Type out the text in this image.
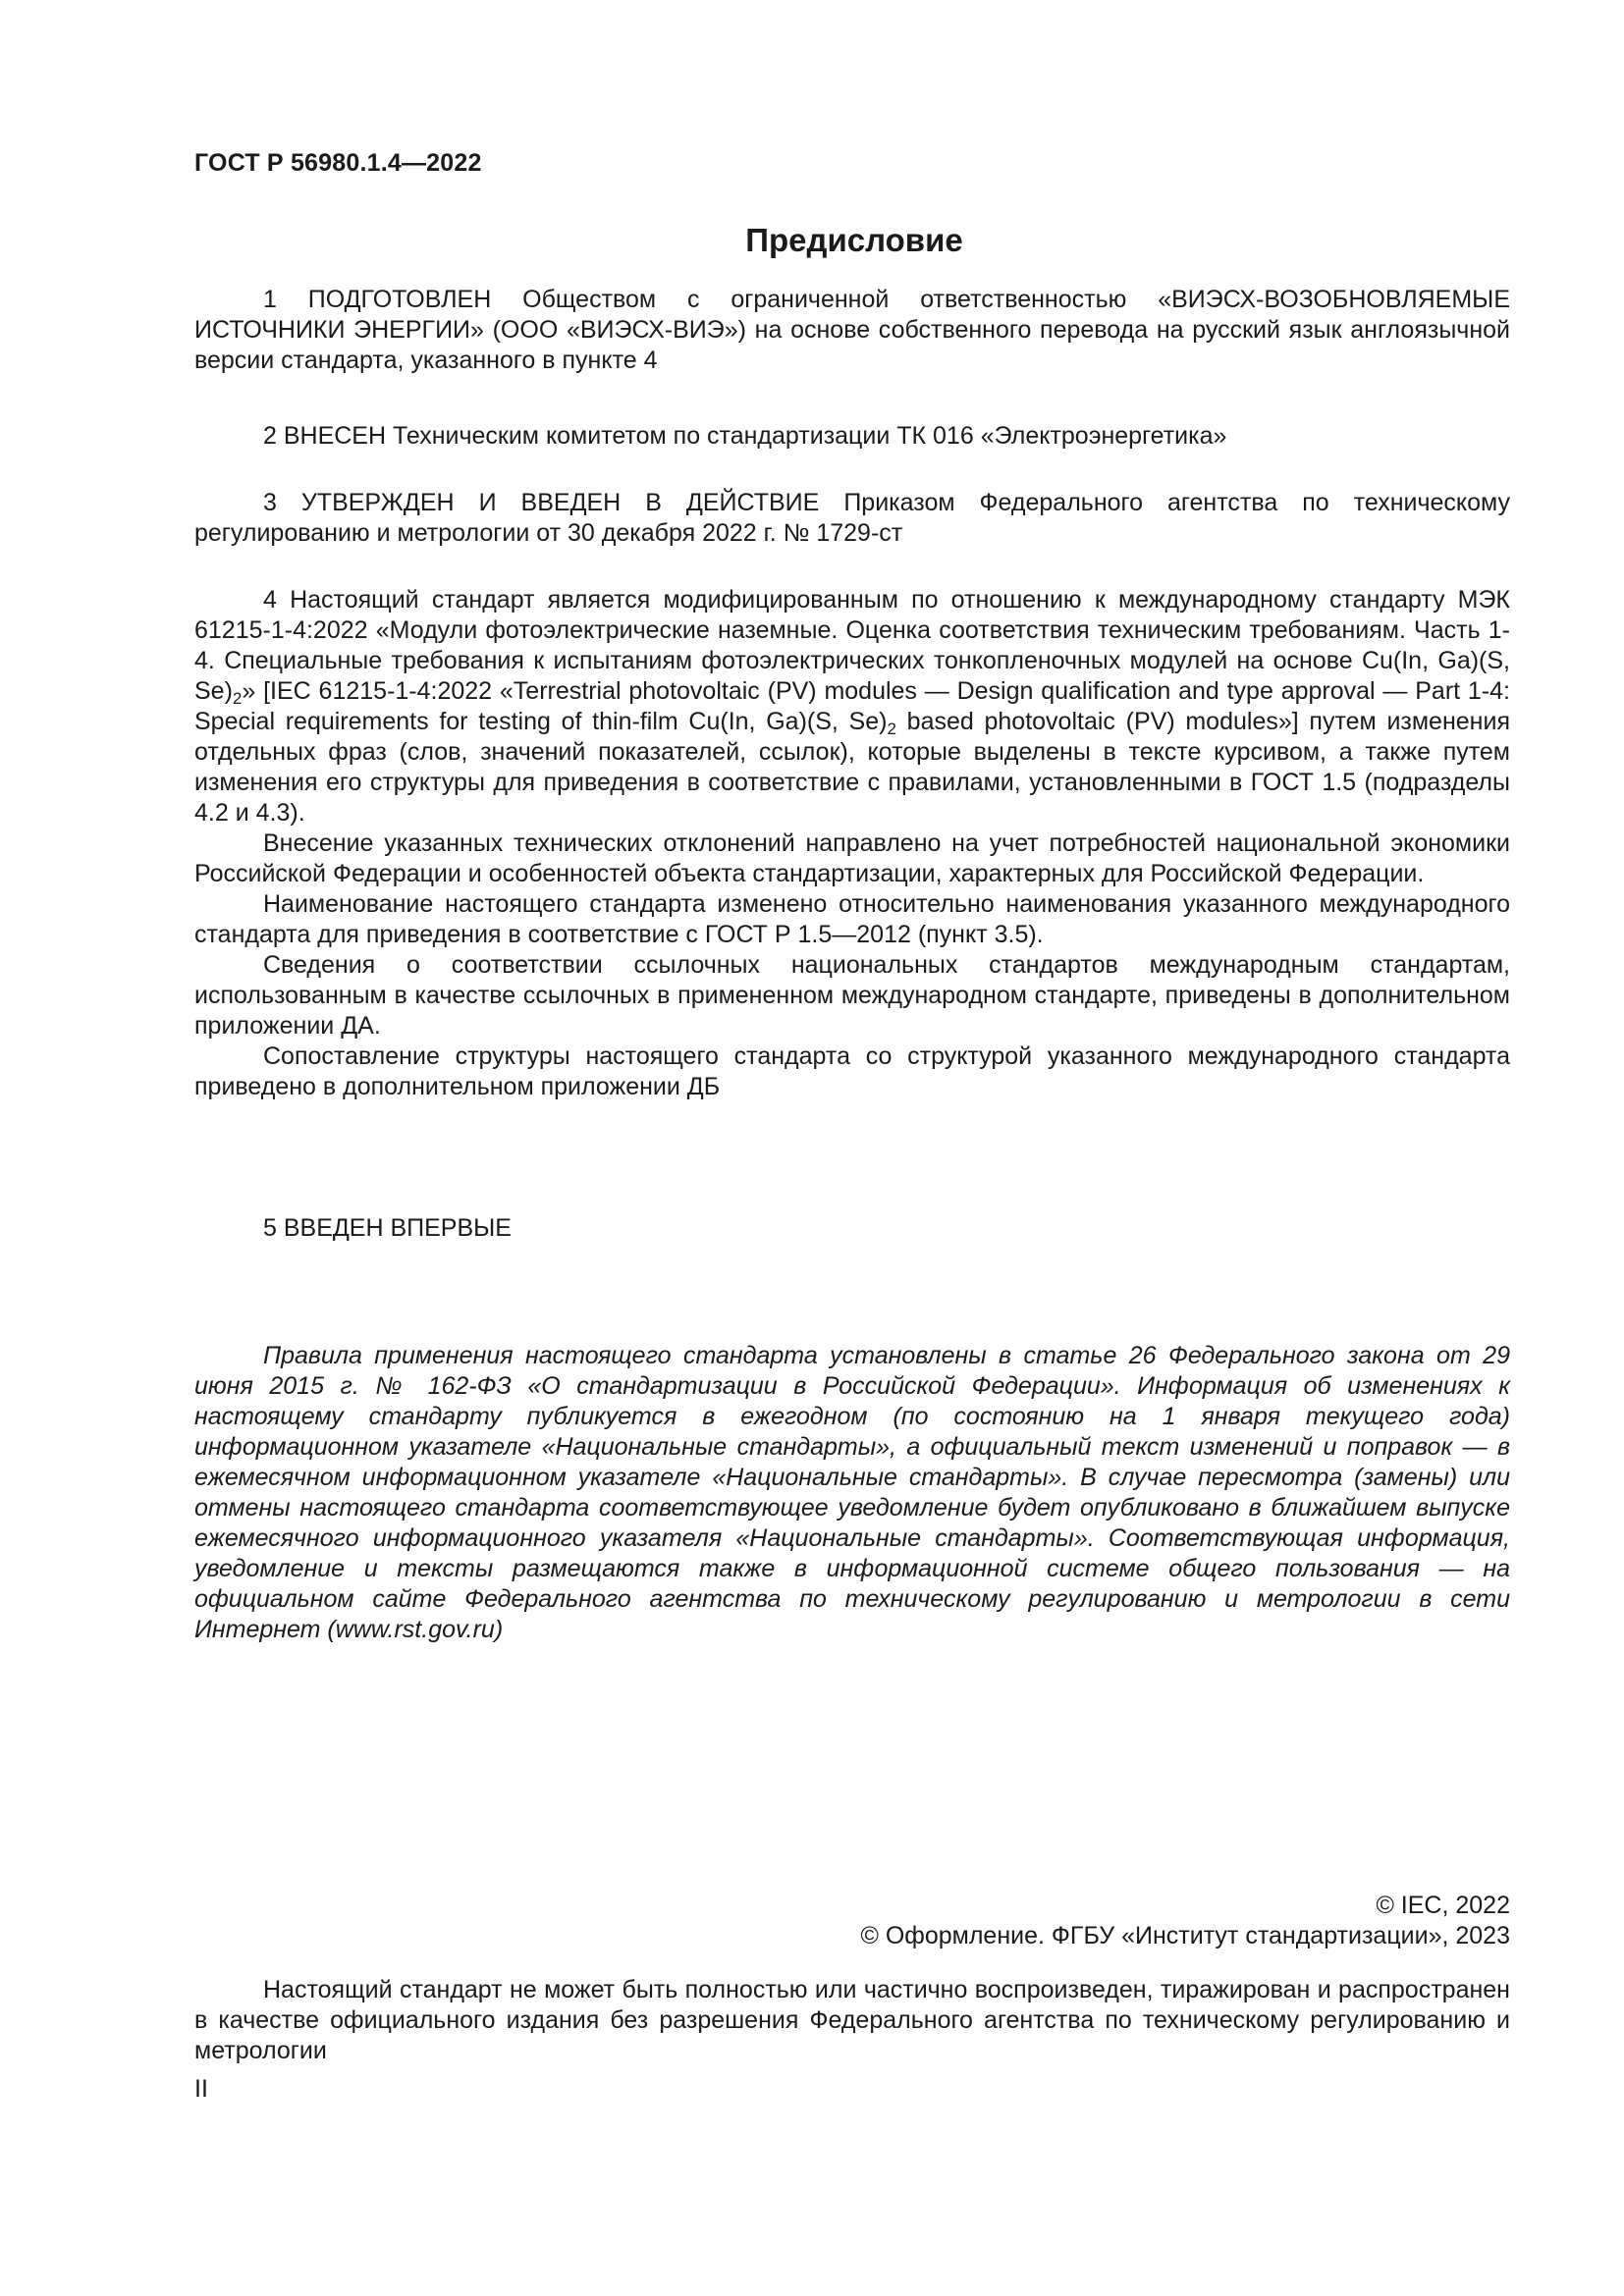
ГОСТ Р 56980.1.4—2022
Предисловие

1 ПОДГОТОВЛЕН Обществом с ограниченной ответственностью «ВИЭСХ-ВОЗОБНОВЛЯЕМЫЕ ИСТОЧНИКИ ЭНЕРГИИ» (ООО «ВИЭСХ-ВИЭ») на основе собственного перевода на русский язык англоязычной версии стандарта, указанного в пункте 4

2 ВНЕСЕН Техническим комитетом по стандартизации ТК 016 «Электроэнергетика»

3 УТВЕРЖДЕН И ВВЕДЕН В ДЕЙСТВИЕ Приказом Федерального агентства по техническому регулированию и метрологии от 30 декабря 2022 г. № 1729-ст

4 Настоящий стандарт является модифицированным по отношению к международному стандарту МЭК 61215-1-4:2022 «Модули фотоэлектрические наземные. Оценка соответствия техническим требованиям. Часть 1-4. Специальные требования к испытаниям фотоэлектрических тонкопленочных модулей на основе Cu(In, Ga)(S, $Se)_2$» [IEC 61215-1-4:2022 «Terrestrial photovoltaic (PV) modules — Design qualification and type approval — Part 1-4: Special requirements for testing of thin-film Cu(In, Ga)(S, $Se)_2$ based photovoltaic (PV) modules»] путем изменения отдельных фраз (слов, значений показателей, ссылок), которые выделены в тексте курсивом, а также путем изменения его структуры для приведения в соответствие с правилами, установленными в ГОСТ 1.5 (подразделы 4.2 и 4.3).

Внесение указанных технических отклонений направлено на учет потребностей национальной экономики Российской Федерации и особенностей объекта стандартизации, характерных для Российской Федерации.

Наименование настоящего стандарта изменено относительно наименования указанного международного стандарта для приведения в соответствие с ГОСТ Р 1.5—2012 (пункт 3.5).

Сведения о соответствии ссылочных национальных стандартов международным стандартам, использованным в качестве ссылочных в примененном международном стандарте, приведены в дополнительном приложении ДА.

Сопоставление структуры настоящего стандарта со структурой указанного международного стандарта приведено в дополнительном приложении ДБ

5 ВВЕДЕН ВПЕРВЫЕ

Правила применения настоящего стандарта установлены в статье 26 Федерального закона от 29 июня 2015 г. № 162-ФЗ «О стандартизации в Российской Федерации». Информация об изменениях к настоящему стандарту публикуется в ежегодном (по состоянию на 1 января текущего года) информационном указателе «Национальные стандарты», а официальный текст изменений и поправок — в ежемесячном информационном указателе «Национальные стандарты». В случае пересмотра (замены) или отмены настоящего стандарта соответствующее уведомление будет опубликовано в ближайшем выпуске ежемесячного информационного указателя «Национальные стандарты». Соответствующая информация, уведомление и тексты размещаются также в информационной системе общего пользования — на официальном сайте Федерального агентства по техническому регулированию и метрологии в сети Интернет (www.rst.gov.ru)

© IEC, 2022
© Оформление. ФГБУ «Институт стандартизации», 2023

Настоящий стандарт не может быть полностью или частично воспроизведен, тиражирован и распространен в качестве официального издания без разрешения Федерального агентства по техническому регулированию и метрологии

II
